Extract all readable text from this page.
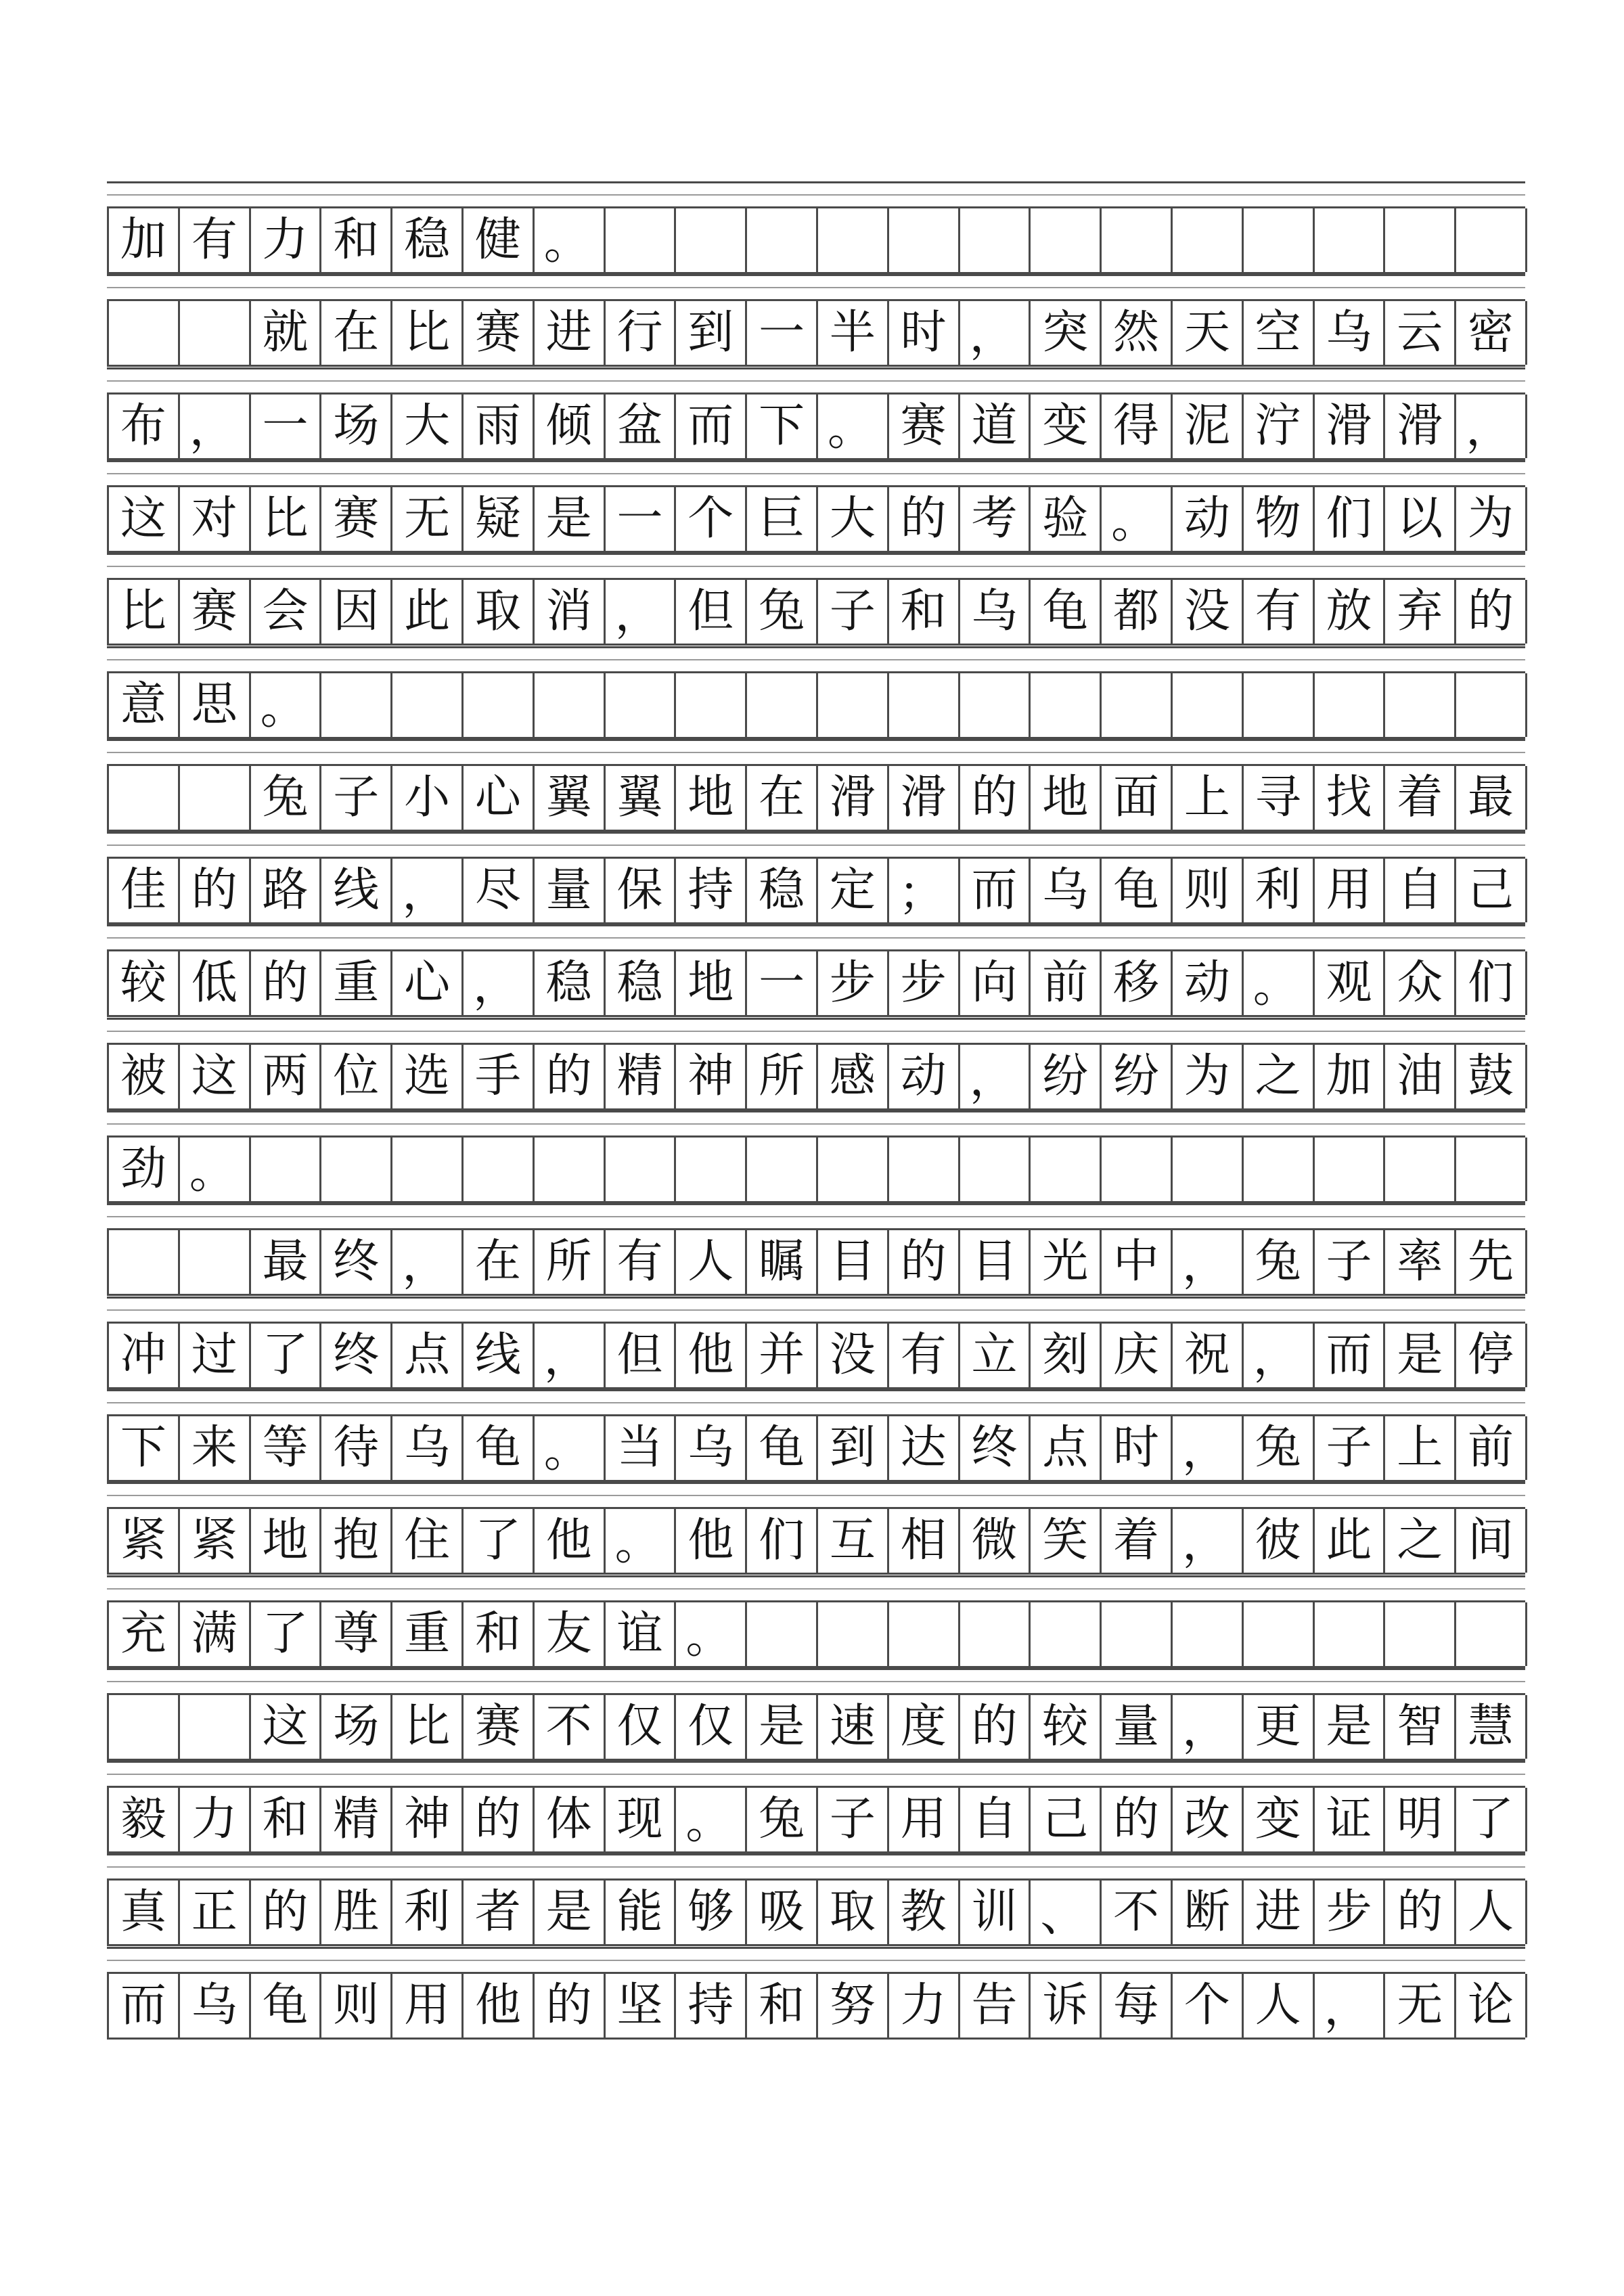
加 有 力 和 稳 健 。
就 在 比 赛 进 行 到 一 半 时 ， 突 然 天 空 乌 云 密
布 ， 一 场 大 雨 倾 盆 而 下 。 赛 道 变 得 泥 泞 滑 滑 ，
这 对 比 赛 无 疑 是 一 个 巨 大 的 考 验 。 动 物 们 以 为
比 赛 会 因 此 取 消 ， 但 兔 子 和 乌 龟 都 没 有 放 弃 的
意 思 。
兔 子 小 心 翼 翼 地 在 滑 滑 的 地 面 上 寻 找 着 最
佳 的 路 线 ， 尽 量 保 持 稳 定 ； 而 乌 龟 则 利 用 自 己
较 低 的 重 心 ， 稳 稳 地 一 步 步 向 前 移 动 。 观 众 们
被 这 两 位 选 手 的 精 神 所 感 动 ， 纷 纷 为 之 加 油 鼓
劲 。
最 终 ， 在 所 有 人 瞩 目 的 目 光 中 ， 兔 子 率 先
冲 过 了 终 点 线 ， 但 他 并 没 有 立 刻 庆 祝 ， 而 是 停
下 来 等 待 乌 龟 。 当 乌 龟 到 达 终 点 时 ， 兔 子 上 前
紧 紧 地 抱 住 了 他 。 他 们 互 相 微 笑 着 ， 彼 此 之 间
充 满 了 尊 重 和 友 谊 。
这 场 比 赛 不 仅 仅 是 速 度 的 较 量 ， 更 是 智 慧
毅 力 和 精 神 的 体 现 。 兔 子 用 自 己 的 改 变 证 明 了
真 正 的 胜 利 者 是 能 够 吸 取 教 训 、 不 断 进 步 的 人
而 乌 龟 则 用 他 的 坚 持 和 努 力 告 诉 每 个 人 ， 无 论
